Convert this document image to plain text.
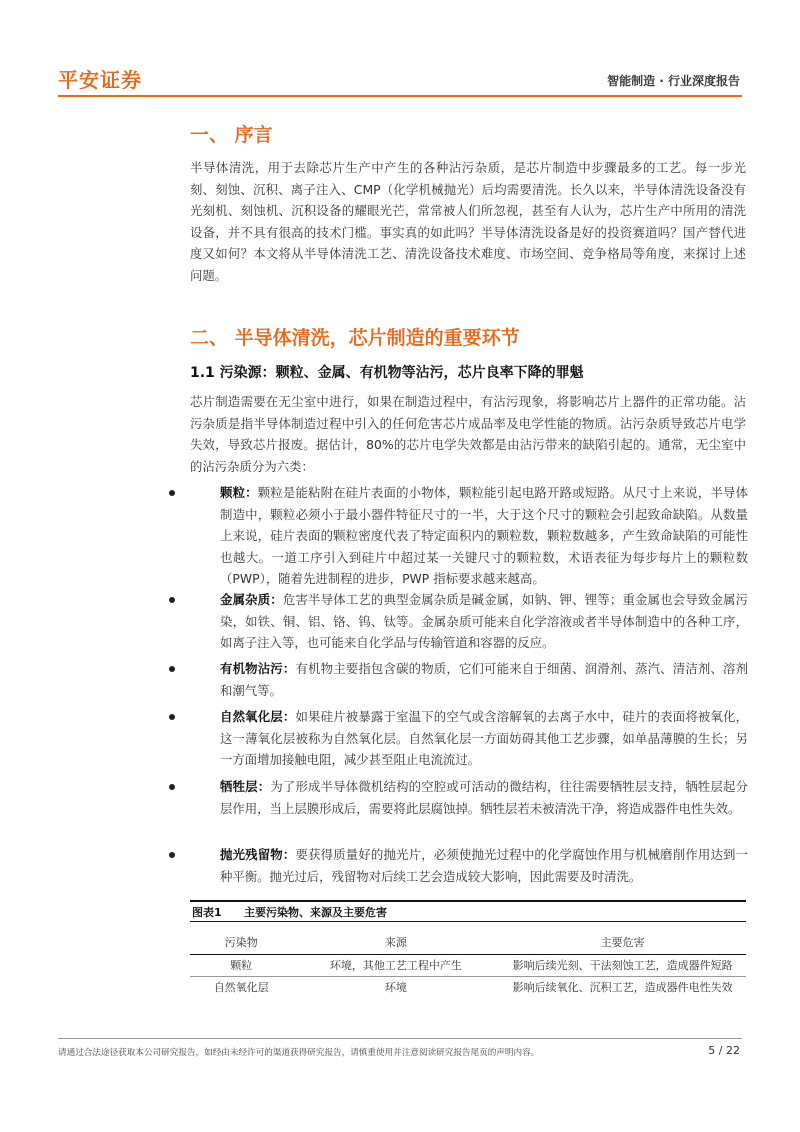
平安证券	智能制造 · 行业深度报告
一、 序言
半导体清洗，用于去除芯片生产中产生的各种沾污杂质，是芯片制造中步骤最多的工艺。每一步光刻、刻蚀、沉积、离子注入、CMP（化学机械抛光）后均需要清洗。长久以来，半导体清洗设备没有光刻机、刻蚀机、沉积设备的耀眼光芒，常常被人们所忽视，甚至有人认为，芯片生产中所用的清洗设备，并不具有很高的技术门槛。事实真的如此吗？半导体清洗设备是好的投资赛道吗？国产替代进度又如何？本文将从半导体清洗工艺、清洗设备技术难度、市场空间、竞争格局等角度，来探讨上述问题。
二、 半导体清洗，芯片制造的重要环节
1.1 污染源：颗粒、金属、有机物等沾污，芯片良率下降的罪魁
芯片制造需要在无尘室中进行，如果在制造过程中，有沾污现象，将影响芯片上器件的正常功能。沾污杂质是指半导体制造过程中引入的任何危害芯片成品率及电学性能的物质。沾污杂质导致芯片电学失效，导致芯片报废。据估计，80%的芯片电学失效都是由沾污带来的缺陷引起的。通常，无尘室中的沾污杂质分为六类：
颗粒：颗粒是能粘附在硅片表面的小物体，颗粒能引起电路开路或短路。从尺寸上来说，半导体制造中，颗粒必须小于最小器件特征尺寸的一半，大于这个尺寸的颗粒会引起致命缺陷。从数量上来说，硅片表面的颗粒密度代表了特定面积内的颗粒数，颗粒数越多，产生致命缺陷的可能性也越大。一道工序引入到硅片中超过某一关键尺寸的颗粒数，术语表征为每步每片上的颗粒数（PWP），随着先进制程的进步，PWP 指标要求越来越高。
金属杂质：危害半导体工艺的典型金属杂质是碱金属，如钠、钾、锂等；重金属也会导致金属污染，如铁、铜、铝、铬、钨、钛等。金属杂质可能来自化学溶液或者半导体制造中的各种工序，如离子注入等，也可能来自化学品与传输管道和容器的反应。
有机物沾污：有机物主要指包含碳的物质，它们可能来自于细菌、润滑剂、蒸汽、清洁剂、溶剂和潮气等。
自然氧化层：如果硅片被暴露于室温下的空气或含溶解氧的去离子水中，硅片的表面将被氧化，这一薄氧化层被称为自然氧化层。自然氧化层一方面妨碍其他工艺步骤，如单晶薄膜的生长；另一方面增加接触电阻，减少甚至阻止电流流过。
牺牲层：为了形成半导体微机结构的空腔或可活动的微结构，往往需要牺牲层支持，牺牲层起分层作用，当上层膜形成后，需要将此层腐蚀掉。牺牲层若未被清洗干净，将造成器件电性失效。
抛光残留物：要获得质量好的抛光片，必须使抛光过程中的化学腐蚀作用与机械磨削作用达到一种平衡。抛光过后，残留物对后续工艺会造成较大影响，因此需要及时清洗。
图表1 主要污染物、来源及主要危害
污染物	来源	主要危害
颗粒	环境，其他工艺工程中产生	影响后续光刻、干法刻蚀工艺，造成器件短路
自然氧化层	环境	影响后续氧化、沉积工艺，造成器件电性失效
请通过合法途径获取本公司研究报告，如经由未经许可的渠道获得研究报告，请慎重使用并注意阅读研究报告尾页的声明内容。	5 / 22
